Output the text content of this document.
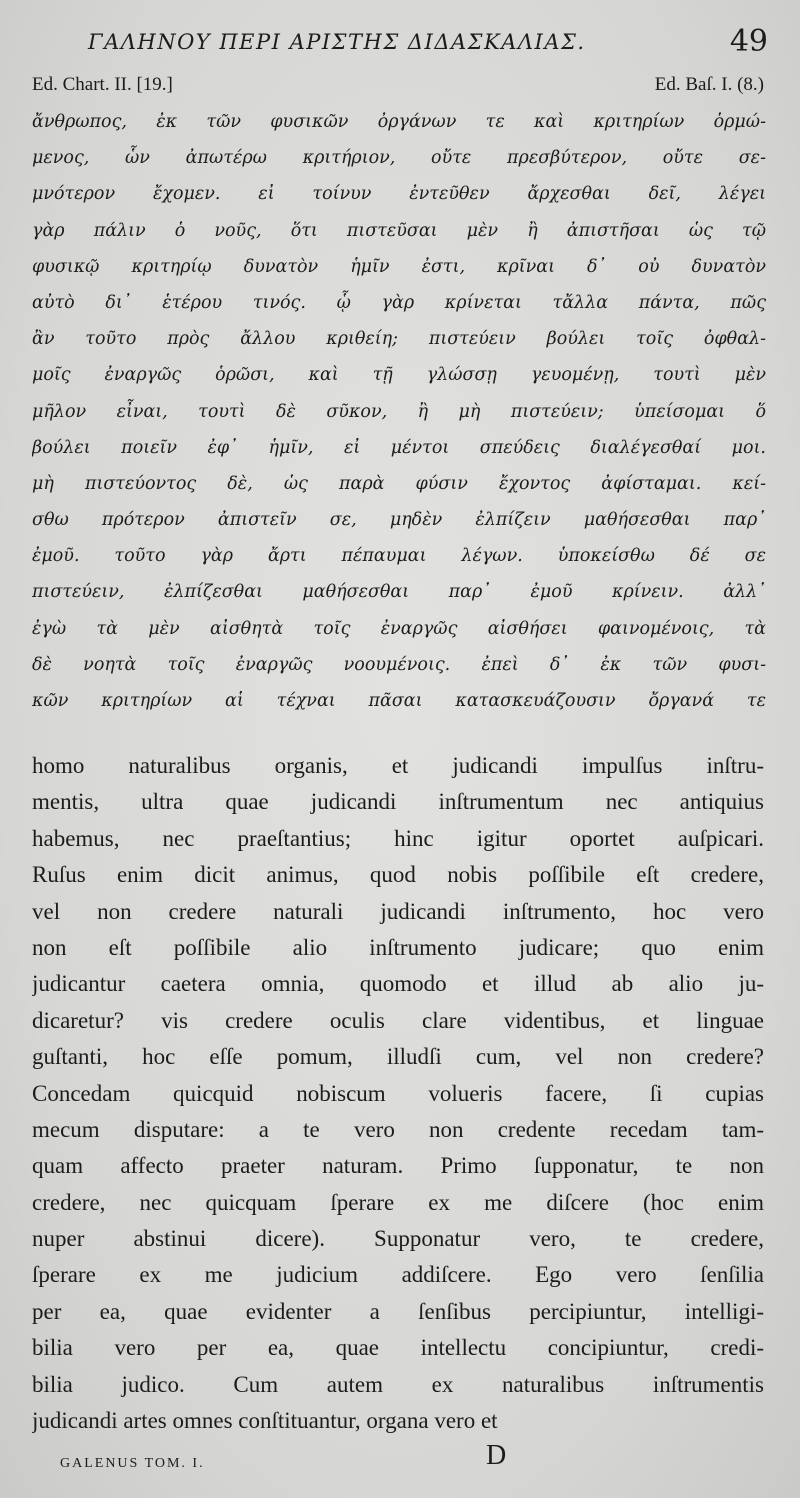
ΓΑΛΗΝΟΥ ΠΕΡΙ ΑΡΙΣΤΗΣ ΔΙΔΑΣΚΑΛΙΑΣ.	49
Ed. Chart. II. [19.]	Ed. Baſ. I. (8.)
ἄνθρωπος, ἐκ τῶν φυσικῶν ὀργάνων τε καὶ κριτηρίων ὁρμώ-
μενος, ὧν ἀπωτέρω κριτήριον, οὔτε πρεσβύτερον, οὔτε σε-
μνότερον ἔχομεν. εἰ τοίνυν ἐντεῦθεν ἄρχεσθαι δεῖ, λέγει
γὰρ πάλιν ὁ νοῦς, ὅτι πιστεῦσαι μὲν ἢ ἀπιστῆσαι ὡς τῷ
φυσικῷ κριτηρίῳ δυνατὸν ἡμῖν ἐστι, κρῖναι δ᾽ οὐ δυνατὸν
αὐτὸ δι᾽ ἑτέρου τινός. ᾧ γὰρ κρίνεται τἄλλα πάντα, πῶς
ἂν τοῦτο πρὸς ἄλλου κριθείη; πιστεύειν βούλει τοῖς ὀφθαλ-
μοῖς ἐναργῶς ὁρῶσι, καὶ τῇ γλώσσῃ γευομένῃ, τουτὶ μὲν
μῆλον εἶναι, τουτὶ δὲ σῦκον, ἢ μὴ πιστεύειν; ὑπείσομαι ὅ
βούλει ποιεῖν ἐφ᾽ ἡμῖν, εἰ μέντοι σπεύδεις διαλέγεσθαί μοι.
μὴ πιστεύοντος δὲ, ὡς παρὰ φύσιν ἔχοντος ἀφίσταμαι. κεί-
σθω πρότερον ἀπιστεῖν σε, μηδὲν ἐλπίζειν μαθήσεσθαι παρ᾽
ἐμοῦ. τοῦτο γὰρ ἄρτι πέπαυμαι λέγων. ὑποκείσθω δέ σε
πιστεύειν, ἐλπίζεσθαι μαθήσεσθαι παρ᾽ ἐμοῦ κρίνειν. ἀλλ᾽
ἐγὼ τὰ μὲν αἰσθητὰ τοῖς ἐναργῶς αἰσθήσει φαινομένοις, τὰ
δὲ νοητὰ τοῖς ἐναργῶς νοουμένοις. ἐπεὶ δ᾽ ἐκ τῶν φυσι-
κῶν κριτηρίων αἱ τέχναι πᾶσαι κατασκευάζουσιν ὄργανά τε
homo naturalibus organis, et judicandi impulſus inſtru-
mentis, ultra quae judicandi inſtrumentum nec antiquius
habemus, nec praeſtantius; hinc igitur oportet auſpicari.
Ruſus enim dicit animus, quod nobis poſſibile eſt credere,
vel non credere naturali judicandi inſtrumento, hoc vero
non eſt poſſibile alio inſtrumento judicare; quo enim
judicantur caetera omnia, quomodo et illud ab alio ju-
dicaretur? vis credere oculis clare videntibus, et linguae
guſtanti, hoc eſſe pomum, illudſi cum, vel non credere?
Concedam quicquid nobiscum volueris facere, ſi cupias
mecum disputare: a te vero non credente recedam tam-
quam affecto praeter naturam. Primo ſupponatur, te non
credere, nec quicquam ſperare ex me diſcere (hoc enim
nuper abstinui dicere). Supponatur vero, te credere,
ſperare ex me judicium addiſcere. Ego vero ſenſilia
per ea, quae evidenter a ſenſibus percipiuntur, intelligi-
bilia vero per ea, quae intellectu concipiuntur, credi-
bilia judico. Cum autem ex naturalibus inſtrumentis
judicandi artes omnes conſtituantur, organa vero et
GALENUS TOM. I.	D
